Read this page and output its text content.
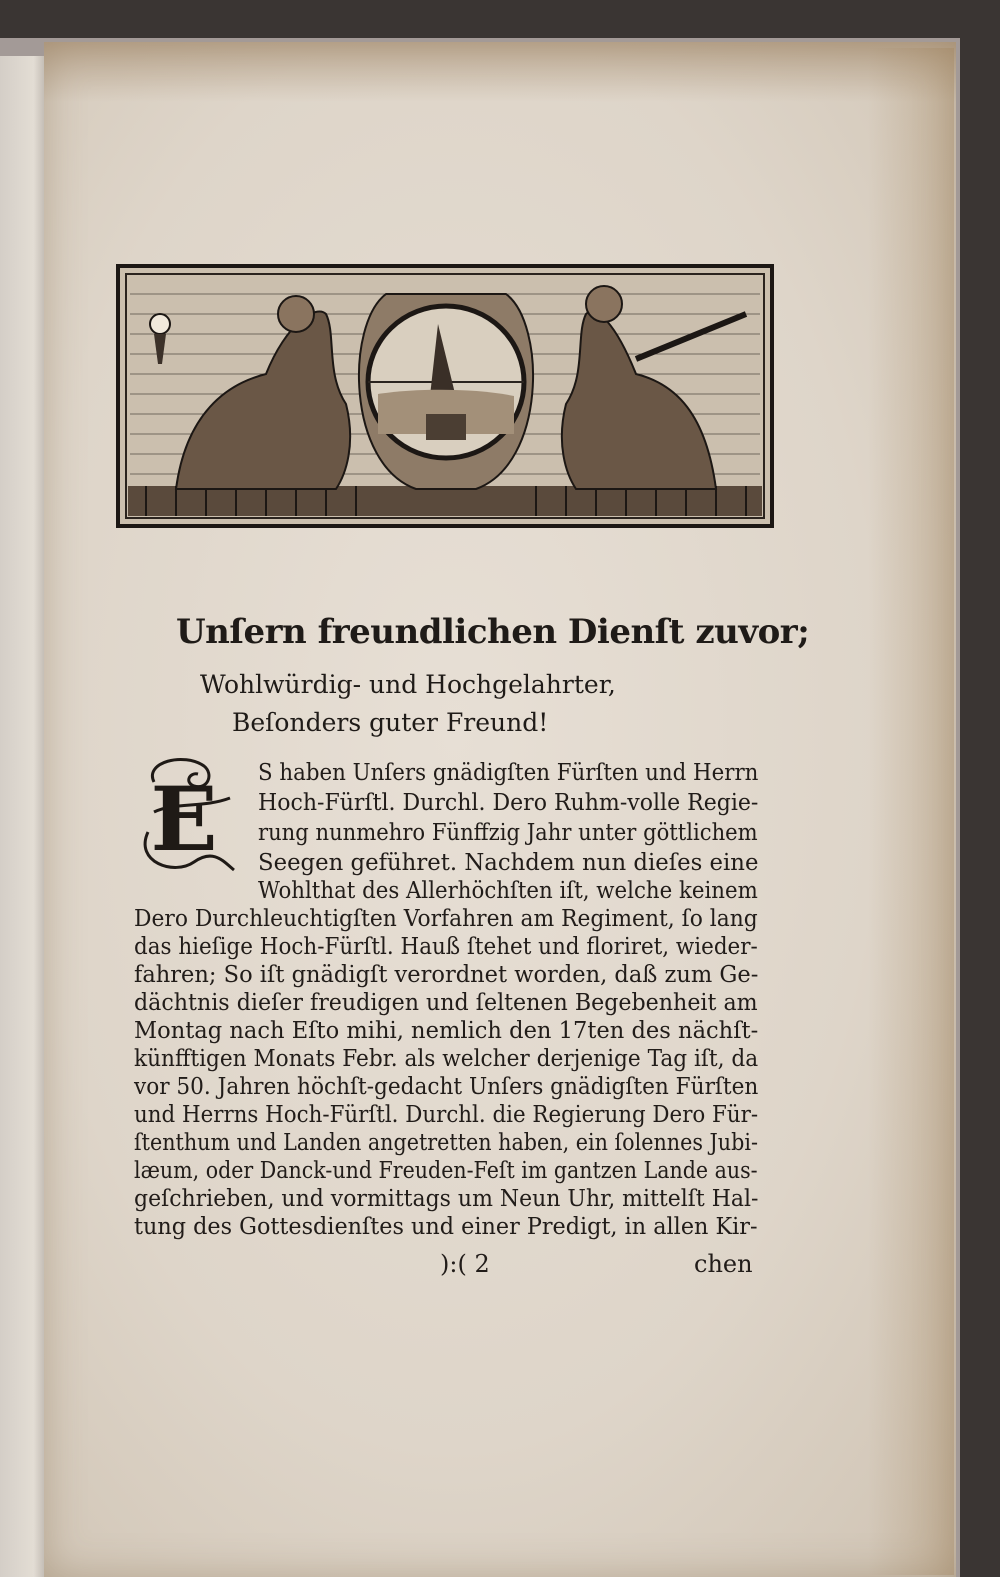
Unſern freundlichen Dienſt zuvor;
Wohlwürdig- und Hochgelahrter,
Beſonders guter Freund!
E S haben Unſers gnädigſten Fürſten und Herrn
Hoch-Fürſtl. Durchl. Dero Ruhm-volle Regie-
rung nunmehro Fünffzig Jahr unter göttlichem
Seegen geführet. Nachdem nun dieſes eine
Wohlthat des Allerhöchſten iſt, welche keinem
Dero Durchleuchtigſten Vorfahren am Regiment, ſo lang
das hieſige Hoch-Fürſtl. Hauß ſtehet und floriret, wieder-
fahren; So iſt gnädigſt verordnet worden, daß zum Ge-
dächtnis dieſer freudigen und ſeltenen Begebenheit am
Montag nach Eſto mihi, nemlich den 17ten des nächſt-
künfftigen Monats Febr. als welcher derjenige Tag iſt, da
vor 50. Jahren höchſt-gedacht Unſers gnädigſten Fürſten
und Herrns Hoch-Fürſtl. Durchl. die Regierung Dero Für-
ſtenthum und Landen angetretten haben, ein ſolennes Jubi-
læum, oder Danck-und Freuden-Feſt im gantzen Lande aus-
geſchrieben, und vormittags um Neun Uhr, mittelſt Hal-
tung des Gottesdienſtes und einer Predigt, in allen Kir-
):( 2	chen
